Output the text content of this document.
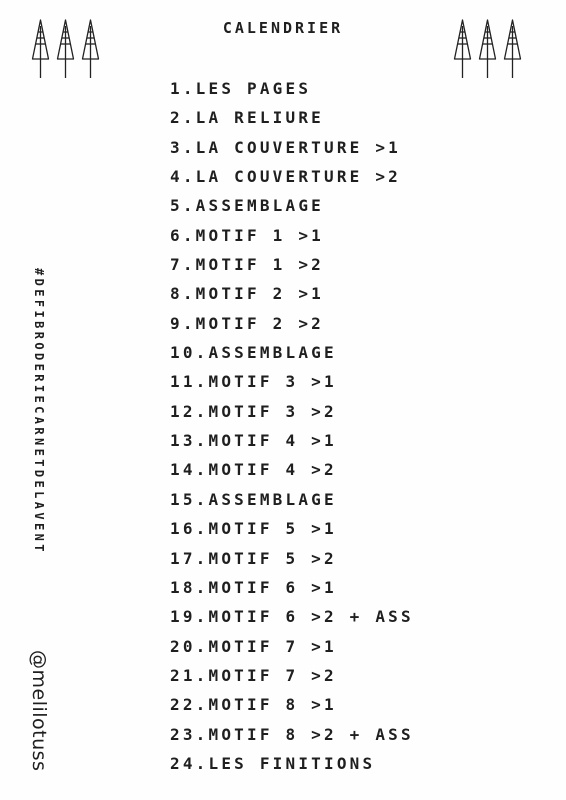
CALENDRIER
#DEFIBRODERIECARNETDELAVENT
@melilotuss
1.LES PAGES
2.LA RELIURE
3.LA COUVERTURE >1
4.LA COUVERTURE >2
5.ASSEMBLAGE
6.MOTIF 1 >1
7.MOTIF 1 >2
8.MOTIF 2 >1
9.MOTIF 2 >2
10.ASSEMBLAGE
11.MOTIF 3 >1
12.MOTIF 3 >2
13.MOTIF 4 >1
14.MOTIF 4 >2
15.ASSEMBLAGE
16.MOTIF 5 >1
17.MOTIF 5 >2
18.MOTIF 6 >1
19.MOTIF 6 >2 + ASS
20.MOTIF 7 >1
21.MOTIF 7 >2
22.MOTIF 8 >1
23.MOTIF 8 >2 + ASS
24.LES FINITIONS
